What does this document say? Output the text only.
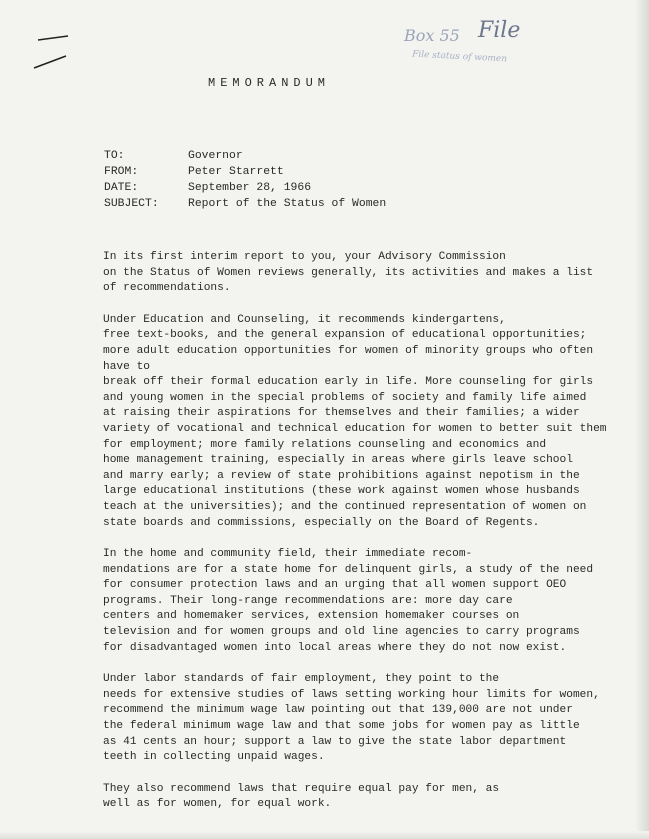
Box 55 File
File status of women
MEMORANDUM
TO:	Governor
FROM:	Peter Starrett
DATE:	September 28, 1966
SUBJECT:	Report of the Status of Women

In its first interim report to you, your Advisory Commission
on the Status of Women reviews generally, its activities and makes a list
of recommendations.

Under Education and Counseling, it recommends kindergartens,
free text-books, and the general expansion of educational opportunities;
more adult education opportunities for women of minority groups who often have to
break off their formal education early in life. More counseling for girls
and young women in the special problems of society and family life aimed
at raising their aspirations for themselves and their families; a wider
variety of vocational and technical education for women to better suit them
for employment; more family relations counseling and economics and
home management training, especially in areas where girls leave school
and marry early; a review of state prohibitions against nepotism in the
large educational institutions (these work against women whose husbands
teach at the universities); and the continued representation of women on
state boards and commissions, especially on the Board of Regents.

In the home and community field, their immediate recom-
mendations are for a state home for delinquent girls, a study of the need
for consumer protection laws and an urging that all women support OEO
programs. Their long-range recommendations are: more day care
centers and homemaker services, extension homemaker courses on
television and for women groups and old line agencies to carry programs
for disadvantaged women into local areas where they do not now exist.

Under labor standards of fair employment, they point to the
needs for extensive studies of laws setting working hour limits for women,
recommend the minimum wage law pointing out that 139,000 are not under
the federal minimum wage law and that some jobs for women pay as little
as 41 cents an hour; support a law to give the state labor department
teeth in collecting unpaid wages.

They also recommend laws that require equal pay for men, as
well as for women, for equal work.
